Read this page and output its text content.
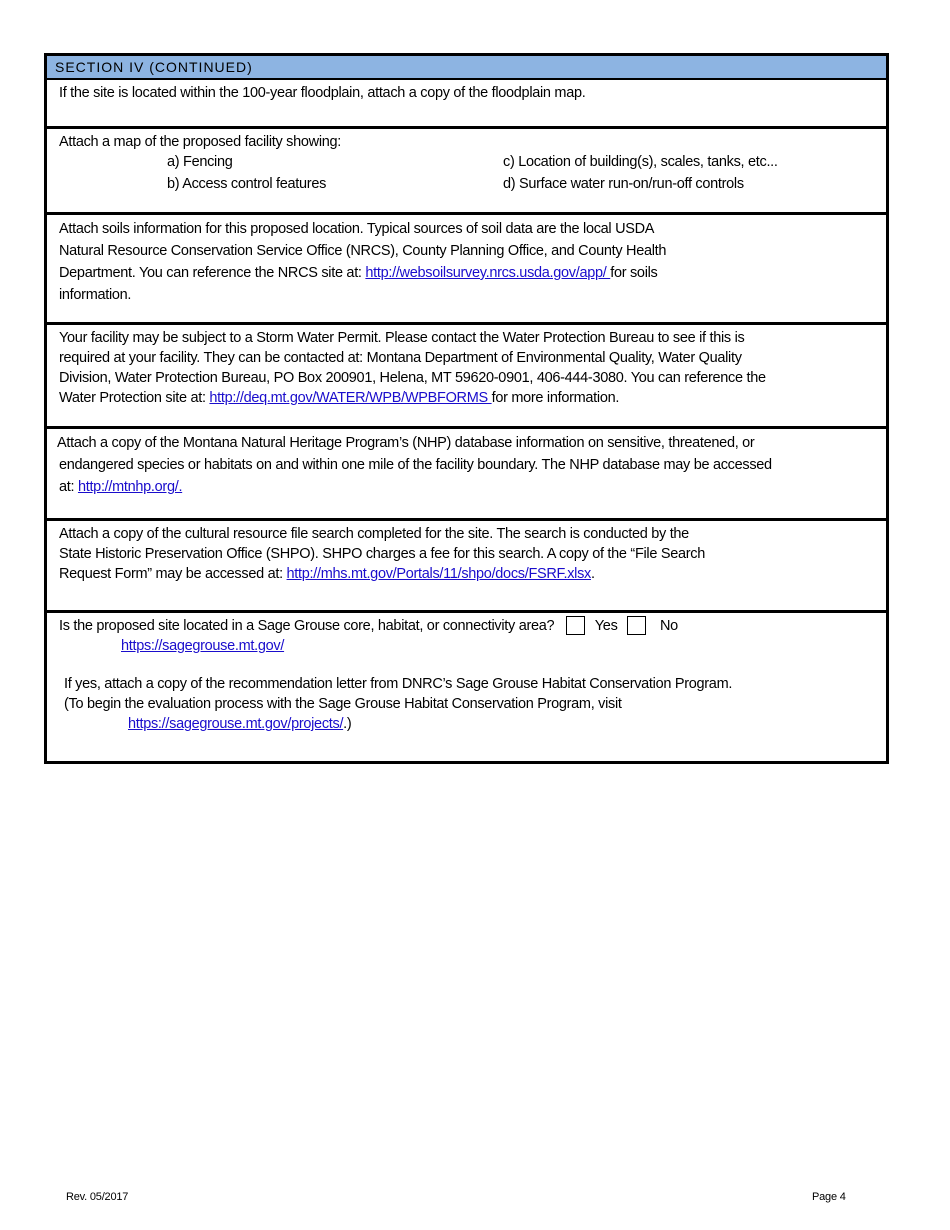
SECTION IV (CONTINUED)
If the site is located within the 100-year floodplain, attach a copy of the floodplain map.
Attach a map of the proposed facility showing:
a) Fencing
b) Access control features
c) Location of building(s), scales, tanks, etc...
d) Surface water run-on/run-off controls
Attach soils information for this proposed location. Typical sources of soil data are the local USDA
Natural Resource Conservation Service Office (NRCS), County Planning Office, and County Health
Department. You can reference the NRCS site at: http://websoilsurvey.nrcs.usda.gov/app/ for soils
information.
Your facility may be subject to a Storm Water Permit. Please contact the Water Protection Bureau to see if this is
required at your facility. They can be contacted at: Montana Department of Environmental Quality, Water Quality
Division, Water Protection Bureau, PO Box 200901, Helena, MT 59620-0901, 406-444-3080. You can reference the
Water Protection site at: http://deq.mt.gov/WATER/WPB/WPBFORMS for more information.
Attach a copy of the Montana Natural Heritage Program’s (NHP) database information on sensitive, threatened, or
endangered species or habitats on and within one mile of the facility boundary. The NHP database may be accessed
at: http://mtnhp.org/.
Attach a copy of the cultural resource file search completed for the site. The search is conducted by the
State Historic Preservation Office (SHPO). SHPO charges a fee for this search. A copy of the “File Search
Request Form” may be accessed at: http://mhs.mt.gov/Portals/11/shpo/docs/FSRF.xlsx.
Is the proposed site located in a Sage Grouse core, habitat, or connectivity area?	Yes	No
https://sagegrouse.mt.gov/
If yes, attach a copy of the recommendation letter from DNRC’s Sage Grouse Habitat Conservation Program.
(To begin the evaluation process with the Sage Grouse Habitat Conservation Program, visit
https://sagegrouse.mt.gov/projects/.)
Rev. 05/2017	Page 4
